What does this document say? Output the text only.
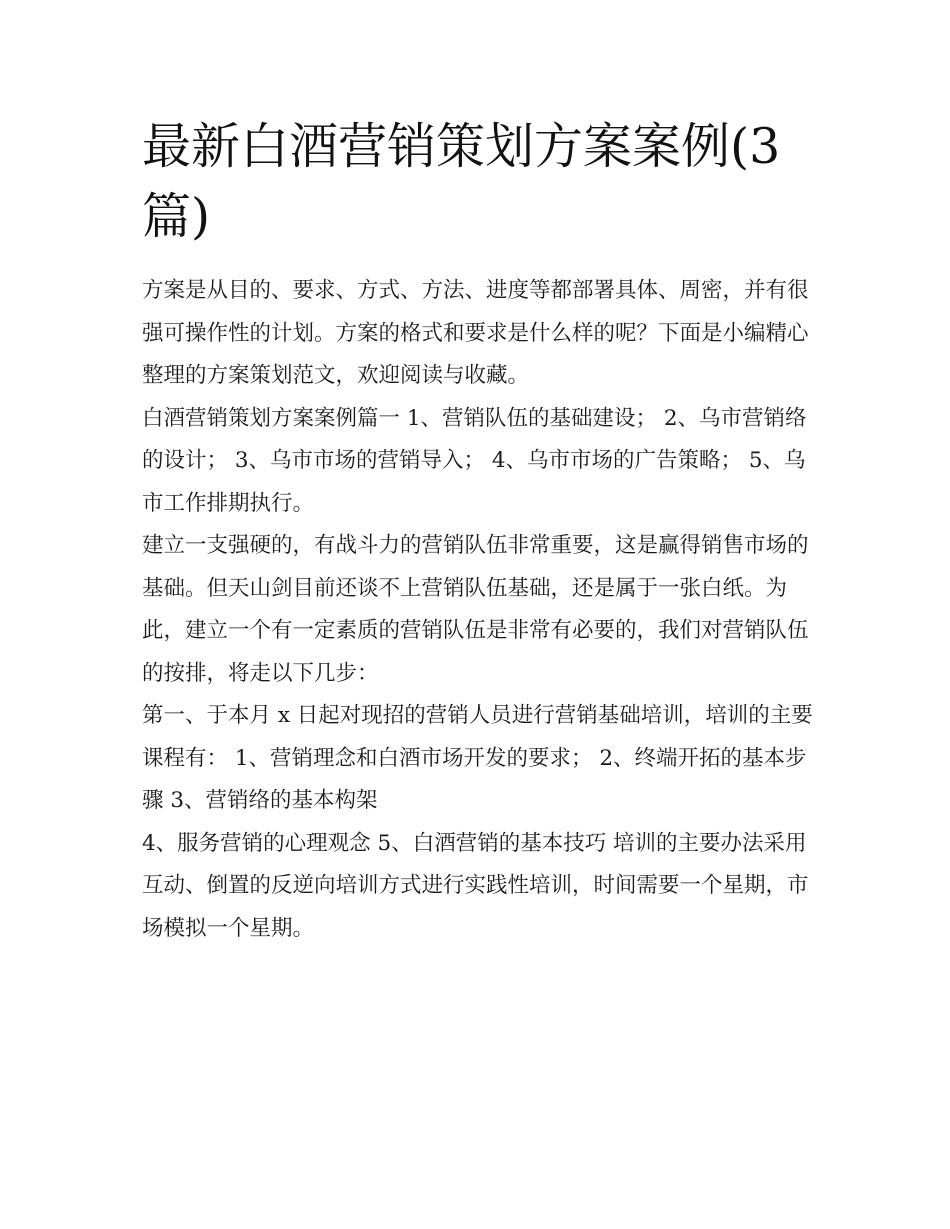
最新白酒营销策划方案案例(3篇)

方案是从目的、要求、方式、方法、进度等都部署具体、周密，并有很强可操作性的计划。方案的格式和要求是什么样的呢？下面是小编精心整理的方案策划范文，欢迎阅读与收藏。

白酒营销策划方案案例篇一 1、营销队伍的基础建设； 2、乌市营销络的设计； 3、乌市市场的营销导入； 4、乌市市场的广告策略； 5、乌市工作排期执行。

建立一支强硬的，有战斗力的营销队伍非常重要，这是赢得销售市场的基础。但天山剑目前还谈不上营销队伍基础，还是属于一张白纸。为此，建立一个有一定素质的营销队伍是非常有必要的，我们对营销队伍的按排，将走以下几步：

第一、于本月 x 日起对现招的营销人员进行营销基础培训，培训的主要课程有： 1、营销理念和白酒市场开发的要求； 2、终端开拓的基本步骤 3、营销络的基本构架

4、服务营销的心理观念 5、白酒营销的基本技巧 培训的主要办法采用互动、倒置的反逆向培训方式进行实践性培训，时间需要一个星期，市场模拟一个星期。
